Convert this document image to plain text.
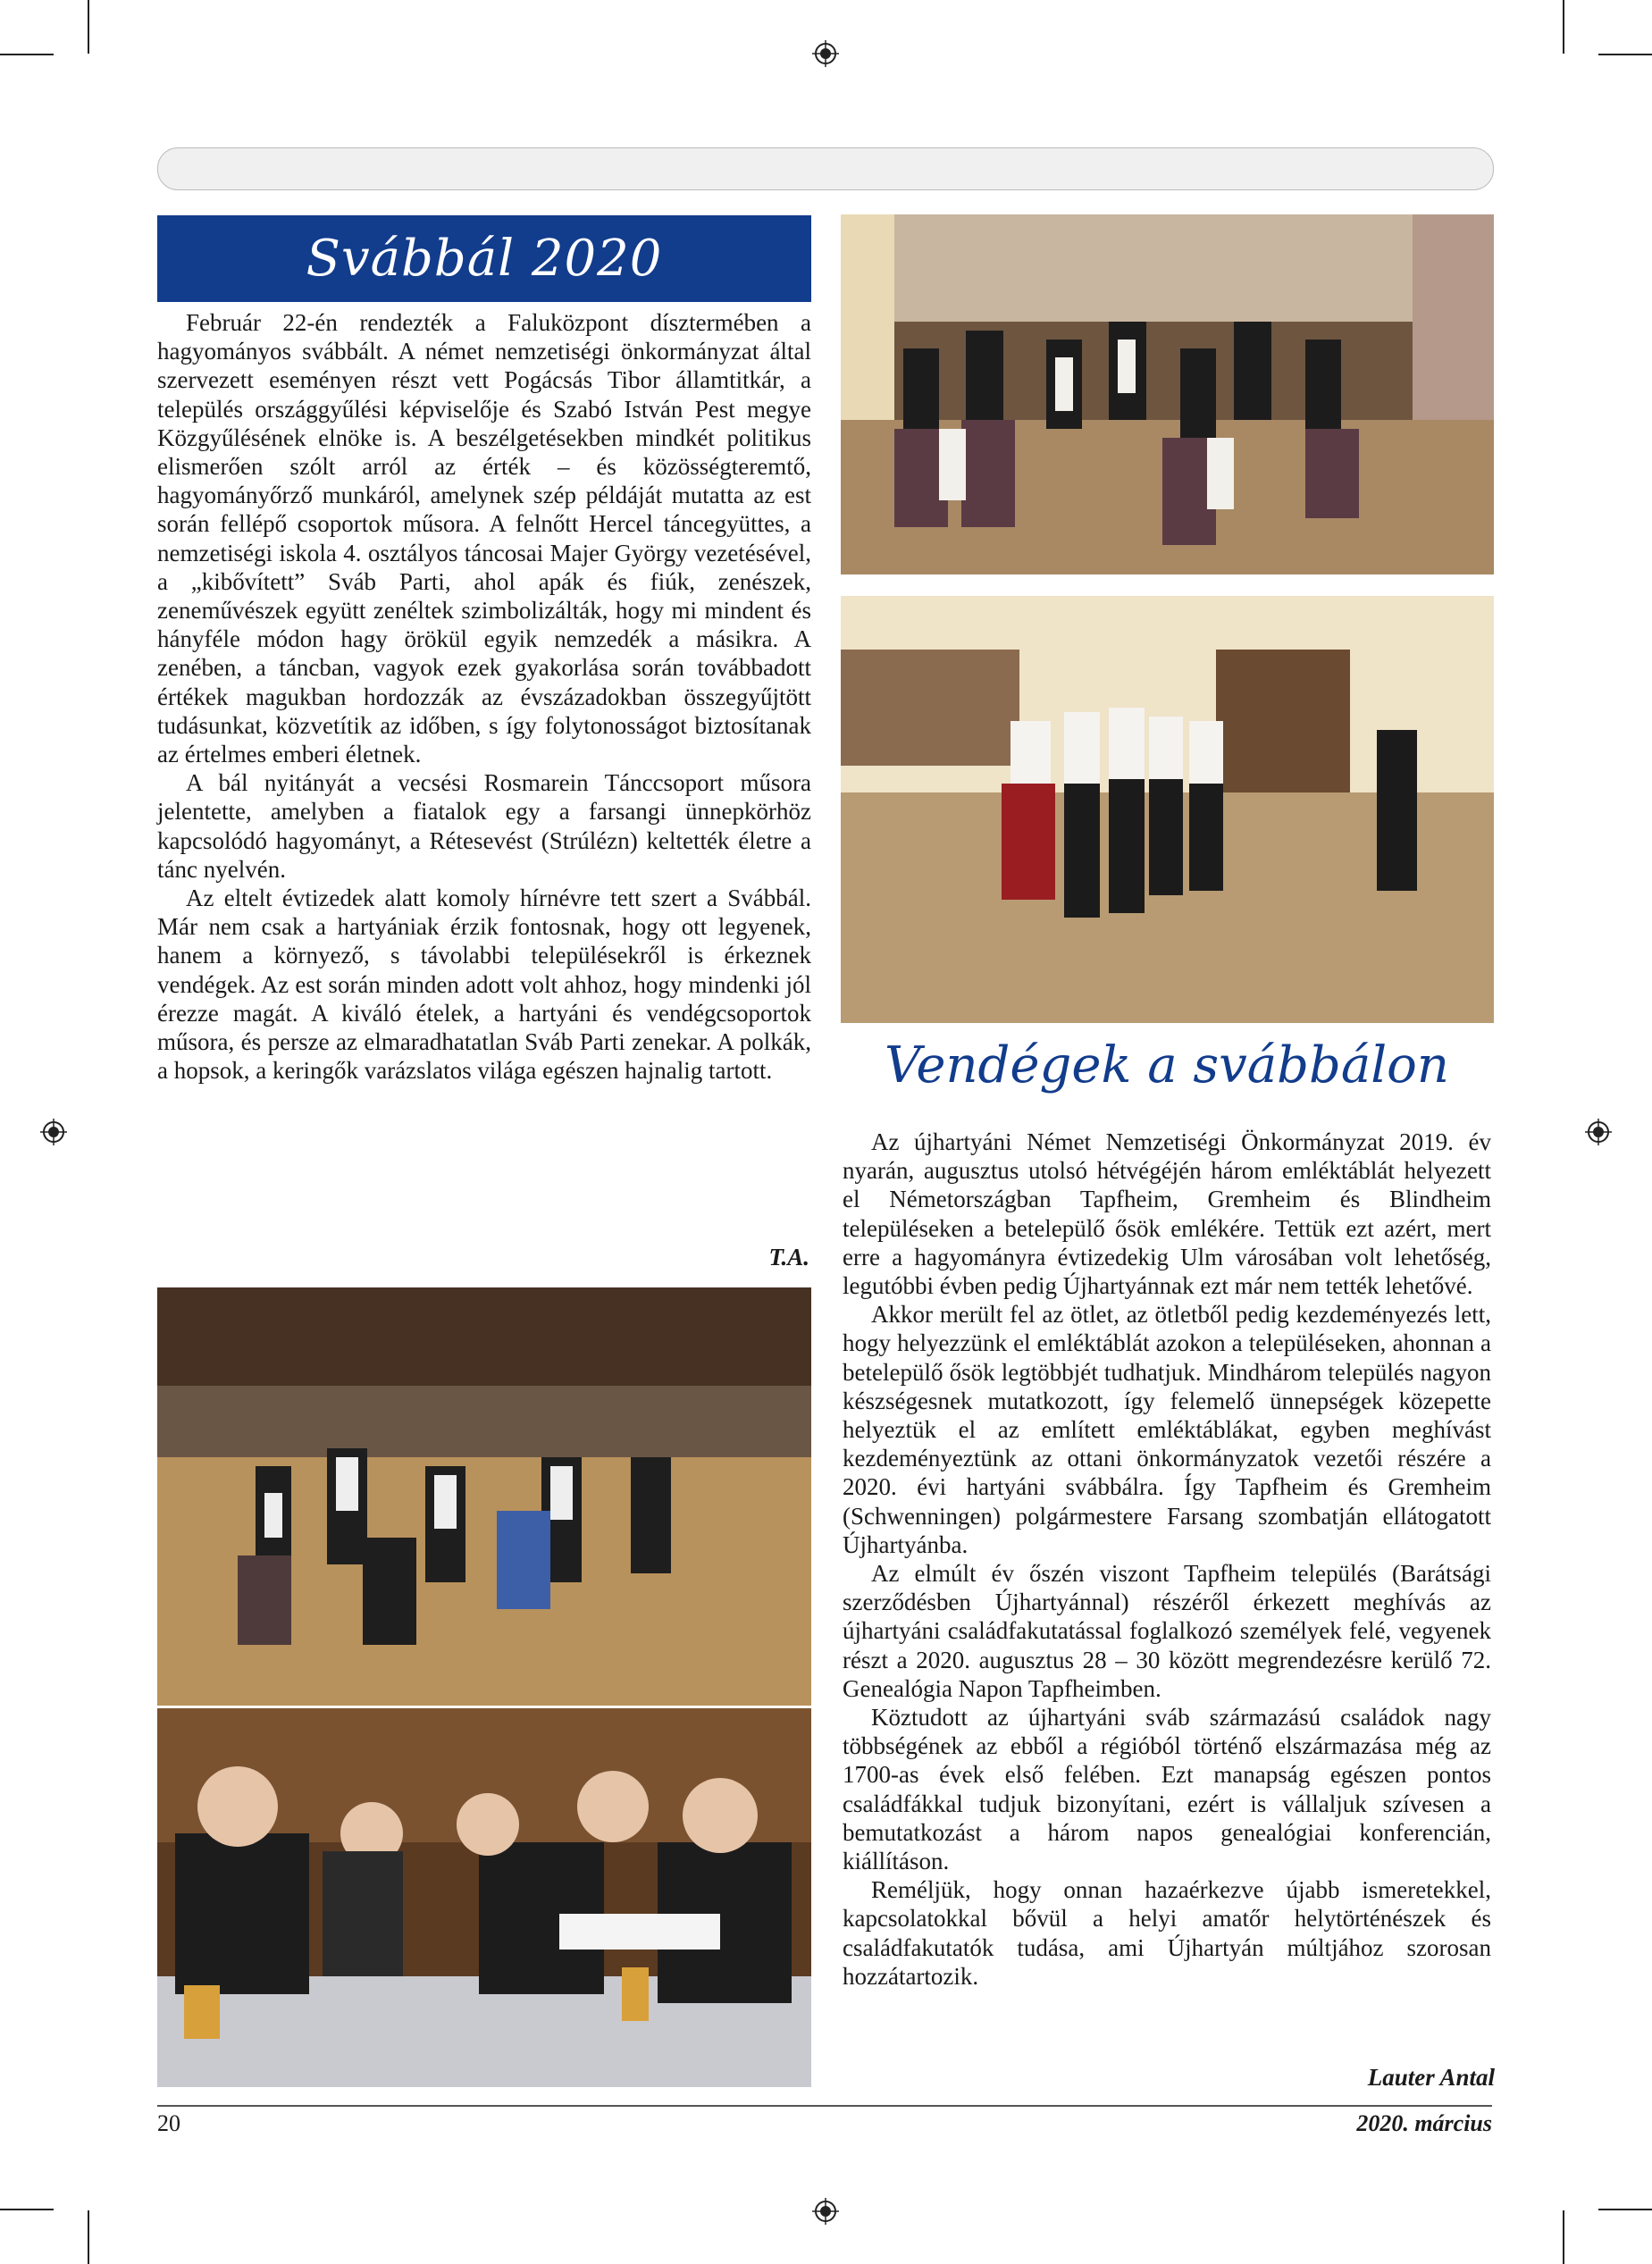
Svábbál 2020

Február 22-én rendezték a Faluközpont dísztermében a hagyományos svábbált. A német nemzetiségi önkormányzat által szervezett eseményen részt vett Pogácsás Tibor államtitkár, a település országgyűlési képviselője és Szabó István Pest megye Közgyűlésének elnöke is. A beszélgetésekben mindkét politikus elismerően szólt arról az érték – és közösségteremtő, hagyományőrző munkáról, amelynek szép példáját mutatta az est során fellépő csoportok műsora. A felnőtt Hercel táncegyüttes, a nemzetiségi iskola 4. osztályos táncosai Majer György vezetésével, a „kibővített” Sváb Parti, ahol apák és fiúk, zenészek, zeneművészek együtt zenéltek szimbolizálták, hogy mi mindent és hányféle módon hagy örökül egyik nemzedék a másikra. A zenében, a táncban, vagyok ezek gyakorlása során továbbadott értékek magukban hordozzák az évszázadokban összegyűjtött tudásunkat, közvetítik az időben, s így folytonosságot biztosítanak az értelmes emberi életnek.

A bál nyitányát a vecsési Rosmarein Tánccsoport műsora jelentette, amelyben a fiatalok egy a farsangi ünnepkörhöz kapcsolódó hagyományt, a Rétesevést (Strúlézn) keltették életre a tánc nyelvén.

Az eltelt évtizedek alatt komoly hírnévre tett szert a Svábbál. Már nem csak a hartyániak érzik fontosnak, hogy ott legyenek, hanem a környező, s távolabbi településekről is érkeznek vendégek. Az est során minden adott volt ahhoz, hogy mindenki jól érezze magát. A kiváló ételek, a hartyáni és vendégcsoportok műsora, és persze az elmaradhatatlan Sváb Parti zenekar. A polkák, a hopsok, a keringők varázslatos világa egészen hajnalig tartott.

T.A.
Vendégek a svábbálon

Az újhartyáni Német Nemzetiségi Önkormányzat 2019. év nyarán, augusztus utolsó hétvégéjén három emléktáblát helyezett el Németországban Tapfheim, Gremheim és Blindheim településeken a betelepülő ősök emlékére. Tettük ezt azért, mert erre a hagyományra évtizedekig Ulm városában volt lehetőség, legutóbbi évben pedig Újhartyánnak ezt már nem tették lehetővé.

Akkor merült fel az ötlet, az ötletből pedig kezdeményezés lett, hogy helyezzünk el emléktáblát azokon a településeken, ahonnan a betelepülő ősök legtöbbjét tudhatjuk. Mindhárom település nagyon készségesnek mutatkozott, így felemelő ünnepségek közepette helyeztük el az említett emléktáblákat, egyben meghívást kezdeményeztünk az ottani önkormányzatok vezetői részére a 2020. évi hartyáni svábbálra. Így Tapfheim és Gremheim (Schwenningen) polgármestere Farsang szombatján ellátogatott Újhartyánba.

Az elmúlt év őszén viszont Tapfheim település (Barátsági szerződésben Újhartyánnal) részéről érkezett meghívás az újhartyáni családfakutatással foglalkozó személyek felé, vegyenek részt a 2020. augusztus 28 – 30 között megrendezésre kerülő 72. Genealógia Napon Tapfheimben.

Köztudott az újhartyáni sváb származású családok nagy többségének az ebből a régióból történő elszármazása még az 1700-as évek első felében. Ezt manapság egészen pontos családfákkal tudjuk bizonyítani, ezért is vállaljuk szívesen a bemutatkozást a három napos genealógiai konferencián, kiállításon.

Reméljük, hogy onnan hazaérkezve újabb ismeretekkel, kapcsolatokkal bővül a helyi amatőr helytörténészek és családfakutatók tudása, ami Újhartyán múltjához szorosan hozzátartozik.

Lauter Antal
20	2020. március
